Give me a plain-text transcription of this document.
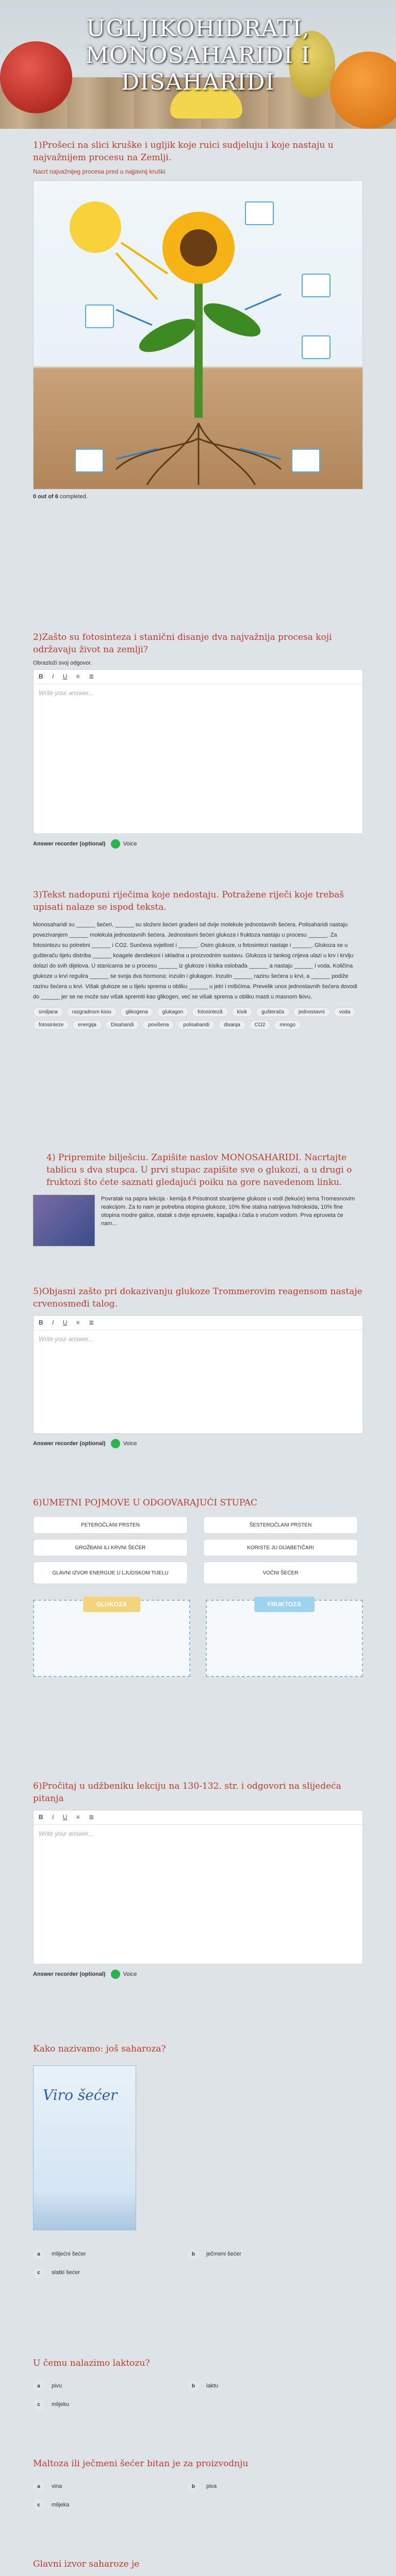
UGLJIKOHIDRATI, MONOSAHARIDI I DISAHARIDI
1)Prošeci na slici kruške i ugljik koje ruici sudjeluju i koje nastaju u najvažnijem procesu na Zemlji.
Nacrt najvažnijeg procesa pred u najjavnij kruški
0 out of 6 completed.
2)Zašto su fotosinteza i stanični disanje dva najvažnija procesa koji održavaju život na zemlji?
Obrazloži svoj odgovor.
B I U ≡ ≣
Write your answer...
Answer recorder (optional)	Voice
3)Tekst nadopuni riječima koje nedostaju. Potražene riječi koje trebaš upisati nalaze se ispod teksta.
Monosaharidi su ______ šećeri, ______ su složeni šećeri građeni od dvije molekule jednostavnih šećera. Polisaharidi nastaju povezivanjem ______ molekula jednostavnih šećera. Jednostavni šećeri glukoza i fruktoza nastaju u procesu ______. Za fotosintezu su potrebni ______ i CO2. Sunčeva svjetlost i ______. Osim glukoze, u fotosintezi nastaje i ______. Glukoza se u gušteraču tijelu distriba ______ koagele dendeksni i skladna u proizvodnim sustavu. Glukoza iz tankog crijeva ulazi u krv i krvlju dolazi do svih dijelova. U stanicama se u procesu ______ iz glukoze i kisika oslobađa ______ a nastaju ______ i voda. Količina glukoze u krvi regulira ______ se svoja dva hormona: inzulin i glukagon. Inzulin ______ razinu šećera u krvi, a ______ podiže razinu šećera u krvi. Višak glukoze se u tijelu sprema u obliku ______ u jetri i mišićima. Prevelik unos jednostavnih šećera dovodi do ______ jer se ne može sav višak spremiti kao glikogen, već se višak sprema u obliku masti u masnom tkivu.
smiljana	razgradnom kisiu	glikogena	glukagon	fotosinteză	kisik	gušterača	jednostavni	voda
fotosinteze	energija	Disaharidi	povišena	polisaharidi	disanja	CO2	mnogo
4) Pripremite bilješciu. Zapišite naslov MONOSAHARIDI. Nacrtajte tablicu s dva stupca. U prvi stupac zapišite sve o glukozi, a u drugi o fruktozi što ćete saznati gledajući poiku na gore navedenom linku.
Povratak na papra lekcija - kemija 8 Prisutnost stvarijeme glukoze u vodi (tekuće) tema Tromesnovim reakcijom. Za to nam je potrebna otopina glukoze, 10% fine stalna natrijeva hidroksida, 10% fine otopina modre galice, otatak s dvije epruvete, kapaljka i čaša s vrućom vodom. Prva epruveta će nam...
5)Objasni zašto pri dokazivanju glukoze Trommerovim reagensom nastaje crvenosmeđi talog.
B I U ≡ ≣
Write your answer...
Answer recorder (optional)	Voice
6)UMETNI POJMOVE U ODGOVARAJUĆI STUPAC
PETEROČLANI PRSTEN	ŠESTEROČLANI PRSTEN
GROŽĐANI ILI KRVNI ŠEĆER	KORISTE JU DIJABETIČARI
GLAVNI IZVOR ENERGIJE U LJUDSKOM TIJELU	VOĆNI ŠEĆER
GLUKOZA	FRUKTOZA
6)Pročitaj u udžbeniku lekciju na 130-132. str. i odgovori na slijedeća pitanja
B I U ≡ ≣
Write your answer...
Answer recorder (optional)	Voice
Kako nazivamo: još saharoza?
Viro šećer
a	mlijećni šećer	b	ječmeni šećer
c	slatki šećer
U čemu nalazimo laktozu?
a	pivu	b	laktu
c	mlijeku
Maltoza ili ječmeni šećer bitan je za proizvodnju
a	vina	b	piva
c	mlijeka
Glavni izvor saharoze je
